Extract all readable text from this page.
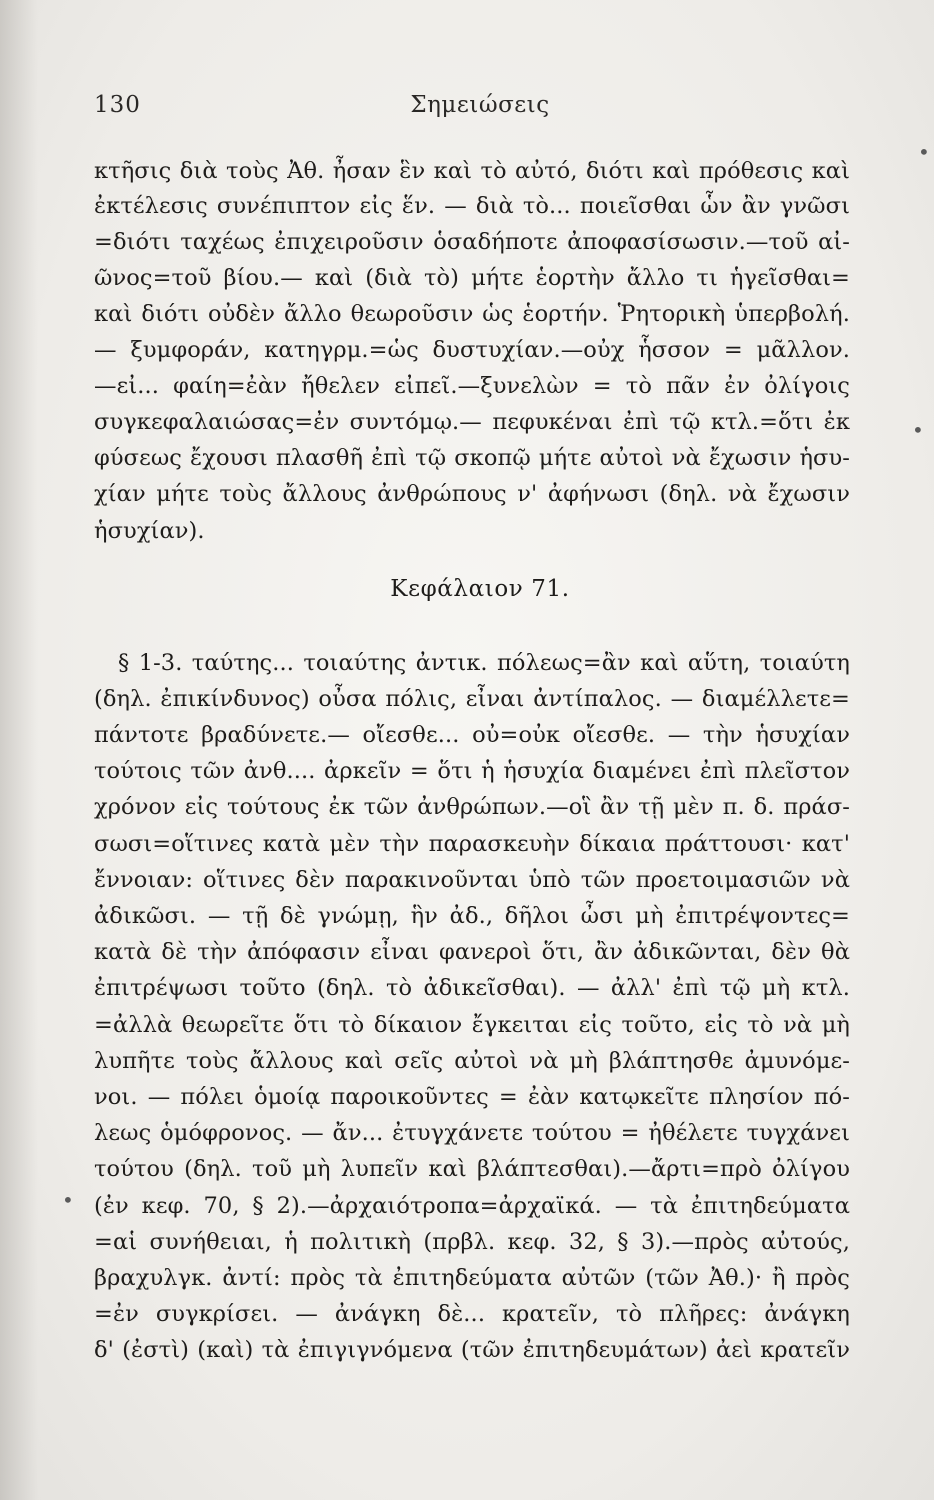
130	Σημειώσεις
κτῆσις διὰ τοὺς Ἀθ. ἦσαν ἓν καὶ τὸ αὐτό, διότι καὶ πρόθεσις καὶ
ἐκτέλεσις συνέπιπτον εἰς ἕν. — διὰ τὸ... ποιεῖσθαι ὧν ἂν γνῶσι
=διότι ταχέως ἐπιχειροῦσιν ὁσαδήποτε ἀποφασίσωσιν.—τοῦ αἰ-
ῶνος=τοῦ βίου.— καὶ (διὰ τὸ) μήτε ἑορτὴν ἄλλο τι ἡγεῖσθαι=
καὶ διότι οὐδὲν ἄλλο θεωροῦσιν ὡς ἑορτήν. Ῥητορικὴ ὑπερβολή.
— ξυμφοράν, κατηγρμ.=ὡς δυστυχίαν.—οὐχ ἧσσον = μᾶλλον.
—εἰ... φαίη=ἐὰν ἤθελεν εἰπεῖ.—ξυνελὼν = τὸ πᾶν ἐν ὀλίγοις
συγκεφαλαιώσας=ἐν συντόμῳ.— πεφυκέναι ἐπὶ τῷ κτλ.=ὅτι ἐκ
φύσεως ἔχουσι πλασθῆ ἐπὶ τῷ σκοπῷ μήτε αὐτοὶ νὰ ἔχωσιν ἡσυ-
χίαν μήτε τοὺς ἄλλους ἀνθρώπους ν' ἀφήνωσι (δηλ. νὰ ἔχωσιν
ἡσυχίαν).
Κεφάλαιον 71.
§ 1-3. ταύτης... τοιαύτης ἀντικ. πόλεως=ἂν καὶ αὕτη, τοιαύτη
(δηλ. ἐπικίνδυνος) οὖσα πόλις, εἶναι ἀντίπαλος. — διαμέλλετε=
πάντοτε βραδύνετε.— οἴεσθε... οὐ=οὐκ οἴεσθε. — τὴν ἡσυχίαν
τούτοις τῶν ἀνθ.... ἀρκεῖν = ὅτι ἡ ἡσυχία διαμένει ἐπὶ πλεῖστον
χρόνον εἰς τούτους ἐκ τῶν ἀνθρώπων.—οἳ ἂν τῇ μὲν π. δ. πράσ-
σωσι=οἵτινες κατὰ μὲν τὴν παρασκευὴν δίκαια πράττουσι· κατ'
ἔννοιαν: οἵτινες δὲν παρακινοῦνται ὑπὸ τῶν προετοιμασιῶν νὰ
ἀδικῶσι. — τῇ δὲ γνώμῃ, ἣν ἀδ., δῆλοι ὦσι μὴ ἐπιτρέψοντες=
κατὰ δὲ τὴν ἀπόφασιν εἶναι φανεροὶ ὅτι, ἂν ἀδικῶνται, δὲν θὰ
ἐπιτρέψωσι τοῦτο (δηλ. τὸ ἀδικεῖσθαι). — ἀλλ' ἐπὶ τῷ μὴ κτλ.
=ἀλλὰ θεωρεῖτε ὅτι τὸ δίκαιον ἔγκειται εἰς τοῦτο, εἰς τὸ νὰ μὴ
λυπῆτε τοὺς ἄλλους καὶ σεῖς αὐτοὶ νὰ μὴ βλάπτησθε ἀμυνόμε-
νοι. — πόλει ὁμοίᾳ παροικοῦντες = ἐὰν κατῳκεῖτε πλησίον πό-
λεως ὁμόφρονος. — ἄν... ἐτυγχάνετε τούτου = ἠθέλετε τυγχάνει
τούτου (δηλ. τοῦ μὴ λυπεῖν καὶ βλάπτεσθαι).—ἄρτι=πρὸ ὀλίγου
(ἐν κεφ. 70, § 2).—ἀρχαιότροπα=ἀρχαϊκά. — τὰ ἐπιτηδεύματα
=αἱ συνήθειαι, ἡ πολιτικὴ (πρβλ. κεφ. 32, § 3).—πρὸς αὐτούς,
βραχυλγκ. ἀντί: πρὸς τὰ ἐπιτηδεύματα αὐτῶν (τῶν Ἀθ.)· ἢ πρὸς
=ἐν συγκρίσει. — ἀνάγκη δὲ... κρατεῖν, τὸ πλῆρες: ἀνάγκη
δ' (ἐστὶ) (καὶ) τὰ ἐπιγιγνόμενα (τῶν ἐπιτηδευμάτων) ἀεὶ κρατεῖν
•
•
•
